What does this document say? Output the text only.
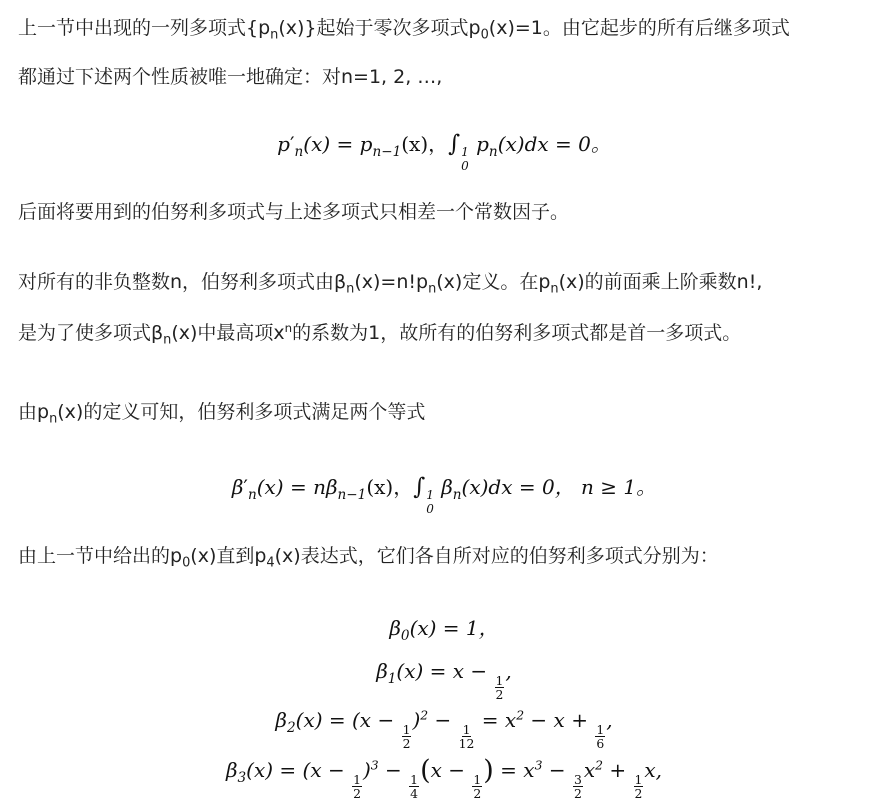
上一节中出现的一列多项式$\{p_n(x)\}$起始于零次多项式$p_0(x)=1$。由它起步的所有后继多项式
都通过下述两个性质被唯一地确定：对n=1, 2, …,
$p'_n(x) = p_{n-1}(x)$，∫ 1
0
$p_n(x)dx = 0$。
后面将要用到的伯努利多项式与上述多项式只相差一个常数因子。
对所有的非负整数n，伯努利多项式由$\beta_n(x)=n!p_n(x)$定义。在$p_n(x)$的前面乘上阶乘数n!,
是为了使多项式$\beta_n(x)$中最高项$x^n$的系数为1，故所有的伯努利多项式都是首一多项式。
由$p_n(x)$的定义可知，伯努利多项式满足两个等式
$\beta'_n(x) = n\beta_{n-1}(x)$，∫ 1
0
$\beta_n(x)dx = 0$， n ≥ 1。
由上一节中给出的$p_0(x)$直到$p_4(x)$表达式，它们各自所对应的伯努利多项式分别为：
$\beta_0(x) = 1$，
$\beta_1(x) = x$ −
$\frac{1}{2}$
,
$\beta_2(x) = (x$ −
$\frac{1}{2}$
)$^2$ −
$\frac{1}{12}$
= $x^2 - x$ +
$\frac{1}{6}$
,
$\beta_3(x) = (x$ −
$\frac{1}{2}$
)$^3$ −
$\frac{1}{4}$
(x −
$\frac{1}{2}$
) = $x^3$ −
$\frac{3}{2}$
$x^2$ +
$\frac{1}{2}$
x,
